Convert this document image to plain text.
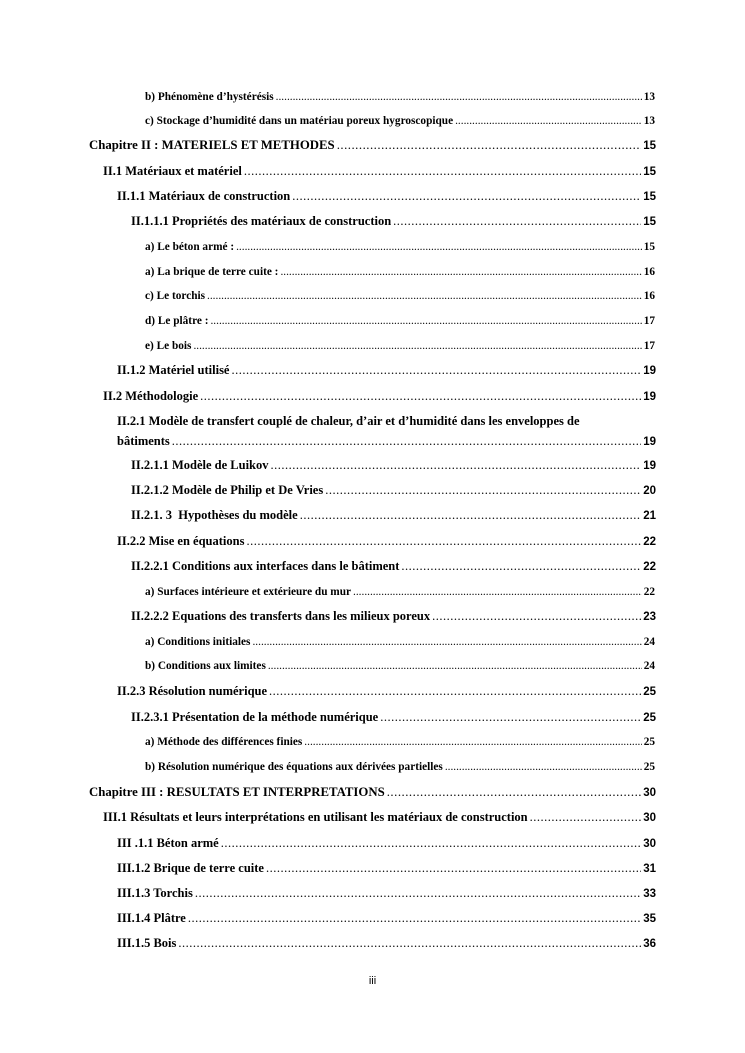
b) Phénomène d’hystérésis .....	13
c) Stockage d’humidité dans un matériau poreux hygroscopique .....	13
Chapitre II : MATERIELS ET METHODES .....	15
II.1 Matériaux et matériel .....	15
II.1.1 Matériaux de construction .....	15
II.1.1.1 Propriétés des matériaux de construction .....	15
a) Le béton armé : .....	15
a) La brique de terre cuite : .....	16
c) Le torchis .....	16
d) Le plâtre : .....	17
e) Le bois .....	17
II.1.2 Matériel utilisé .....	19
II.2 Méthodologie .....	19
II.2.1 Modèle de transfert couplé de chaleur, d’air et d’humidité dans les enveloppes de
bâtiments .....	19
II.2.1.1 Modèle de Luikov .....	19
II.2.1.2 Modèle de Philip et De Vries .....	20
II.2.1. 3  Hypothèses du modèle .....	21
II.2.2 Mise en équations .....	22
II.2.2.1 Conditions aux interfaces dans le bâtiment .....	22
a) Surfaces intérieure et extérieure du mur .....	22
II.2.2.2 Equations des transferts dans les milieux poreux .....	23
a) Conditions initiales .....	24
b) Conditions aux limites .....	24
II.2.3 Résolution numérique .....	25
II.2.3.1 Présentation de la méthode numérique .....	25
a) Méthode des différences finies .....	25
b) Résolution numérique des équations aux dérivées partielles .....	25
Chapitre III : RESULTATS ET INTERPRETATIONS .....	30
III.1 Résultats et leurs interprétations en utilisant les matériaux de construction .....	30
III .1.1 Béton armé .....	30
III.1.2 Brique de terre cuite .....	31
III.1.3 Torchis .....	33
III.1.4 Plâtre .....	35
III.1.5 Bois .....	36
iii
